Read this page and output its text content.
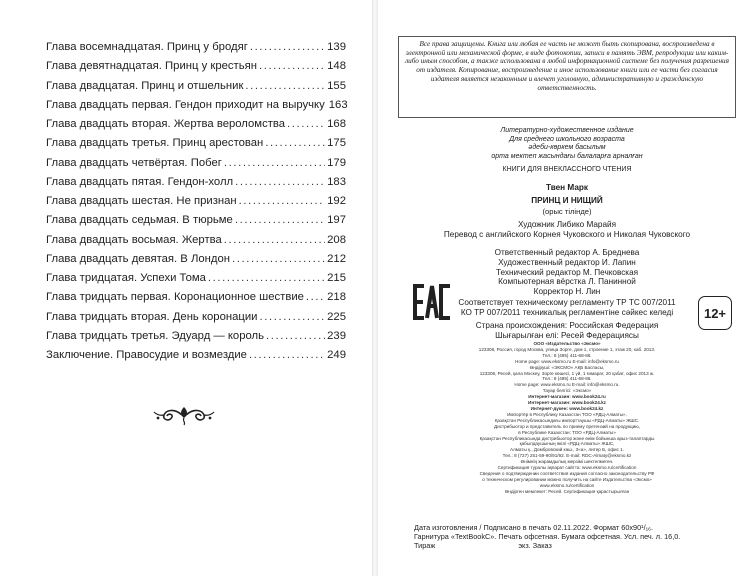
Глава восемнадцатая. Принц у бродяг .....	139
Глава девятнадцатая. Принц у крестьян .....	148
Глава двадцатая. Принц и отшельник .....	155
Глава двадцать первая. Гендон приходит на выручку 163
Глава двадцать вторая. Жертва вероломства .....	168
Глава двадцать третья. Принц арестован .....	175
Глава двадцать четвёртая. Побег .....	179
Глава двадцать пятая. Гендон-холл .....	183
Глава двадцать шестая. Не признан .....	192
Глава двадцать седьмая. В тюрьме .....	197
Глава двадцать восьмая. Жертва .....	208
Глава двадцать девятая. В Лондон .....	212
Глава тридцатая. Успехи Тома .....	215
Глава тридцать первая. Коронационное шествие ..... 218
Глава тридцать вторая. День коронации .....	225
Глава тридцать третья. Эдуард — король .....	239
Заключение. Правосудие и возмездие .....	249
Все права защищены. Книга или любая ее часть не может быть скопирована, воспроизведена в электронной или механической форме, в виде фотокопии, записи в память ЭВМ, репродукции или каким-либо иным способом, а также использована в любой информационной системе без получения разрешения от издателя. Копирование, воспроизведение и иное использование книги или ее части без согласия издателя является незаконным и влечет уголовную, административную и гражданскую ответственность.
Литературно-художественное издание
Для среднего школьного возраста
әдеби-көркем басылым
орта мектеп жасындағы балаларға арналған
КНИГИ ДЛЯ ВНЕКЛАССНОГО ЧТЕНИЯ
Твен Марк
ПРИНЦ И НИЩИЙ
(орыс тілінде)
Художник Либико Марайя
Перевод с английского Корнея Чуковского и Николая Чуковского
Ответственный редактор А. Бреднева
Художественный редактор И. Лапин
Технический редактор М. Печковская
Компьютерная вёрстка Л. Панинной
Корректор Н. Лин
Соответствует техническому регламенту ТР ТС 007/2011
КО ТР 007/2011 техникалық регламентіне сәйкес келеді
Страна происхождения: Российская Федерация
Шығарылған елі: Ресей Федерациясы
ООО «Издательство «Эксмо»
123308, Россия, город Москва, улица Зорге, дом 1, строение 1, этаж 20, каб. 2013.
Тел.: 8 (495) 411-68-86.
Home page: www.eksmo.ru E-mail: info@eksmo.ru
Өндіруші: «ЭКСМО» АҚБ Баспасы,
123308, Ресей, қала Мәскеу, Зорге көшесі, 1 үй, 1 ғимарат, 20 қабат, офис 2013 ж.
Тел.: 8 (495) 411-68-86.
Home page: www.eksmo.ru E-mail: info@eksmo.ru.
Тауар белгісі: «Эксмо»
Интернет-магазин: www.book24.ru
Интернет-магазин: www.book24.kz
Интернет-дүкен: www.book24.kz
Импортёр в Республику Казахстан ТОО «РДЦ-Алматы».
Қазақстан Республикасындағы импорттаушы «РДЦ-Алматы» ЖШС.
Дистрибьютор и представитель по приему претензий на продукцию,
в Республике Казахстан: ТОО «РДЦ-Алматы»
Қазақстан Республикасында дистрибьютор және өнім бойынша арыз-талаптарды
қабылдаушының өкілі «РДЦ-Алматы» ЖШС,
Алматы қ., Домбровский көш., 3«а», литер Б, офис 1.
Тел.: 8 (727) 251-59-90/91/92. E-mail: RDC-Almaty@eksmo.kz
Өнімнің жарамдылық мерзімі шектелмеген.
Сертификация туралы ақпарат сайтта: www.eksmo.ru/certification
Сведения о подтверждении соответствия издания согласно законодательству РФ
о техническом регулировании можно получить на сайте Издательства «Эксмо»
www.eksmo.ru/certification
Өндірген мемлекет: Ресей. Сертификация қарастырылған
12+
Дата изготовления / Подписано в печать 02.11.2022. Формат 60x90¹/₁₆.
Гарнитура «TextBookC». Печать офсетная. Бумага офсетная. Усл. печ. л. 16,0.
Тираж                                         экз. Заказ
